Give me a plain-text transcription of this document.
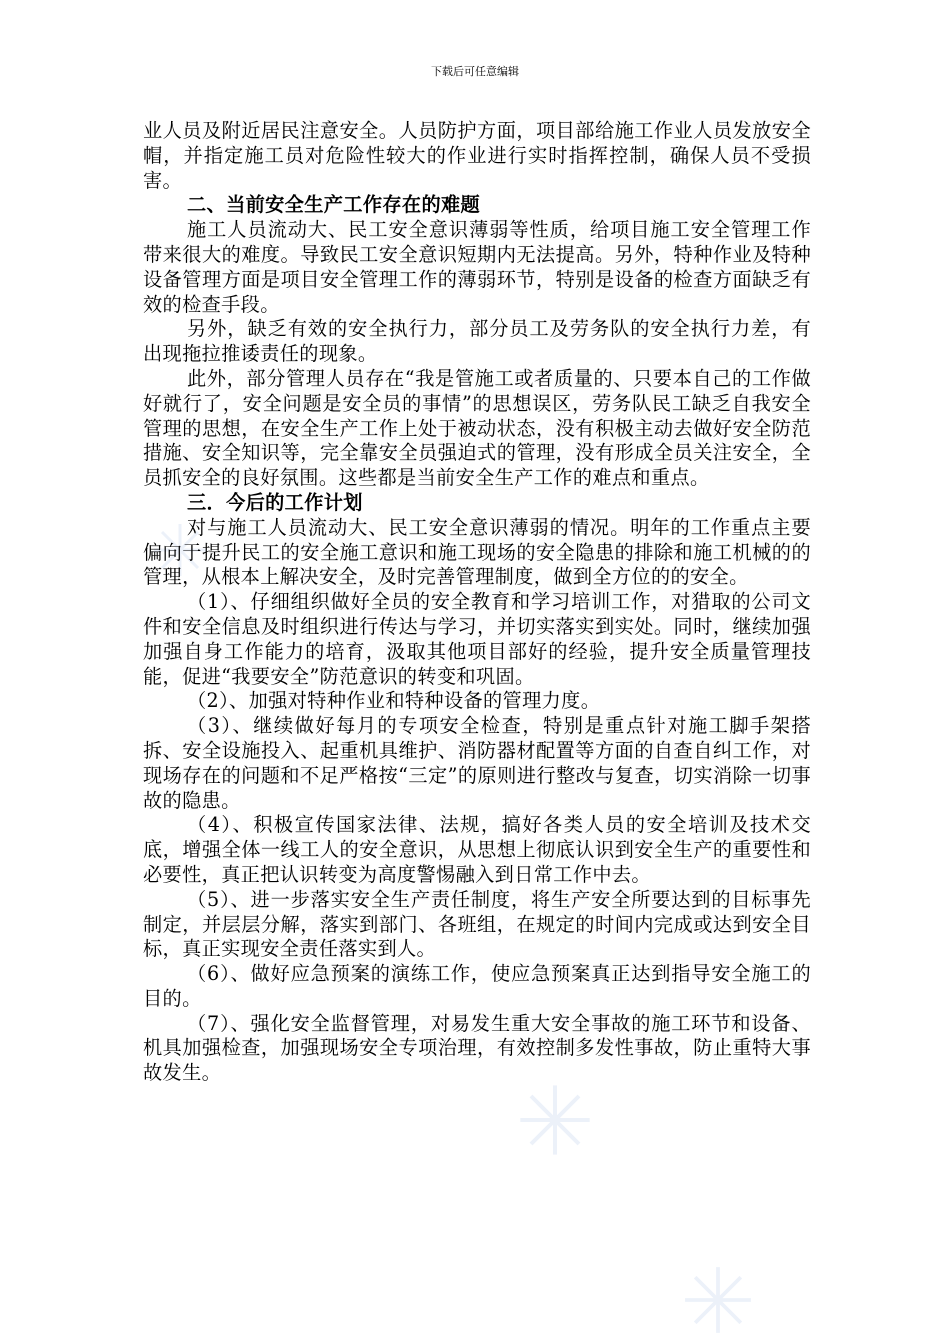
下载后可任意编辑

业人员及附近居民注意安全。人员防护方面，项目部给施工作业人员发放安全帽，并指定施工员对危险性较大的作业进行实时指挥控制，确保人员不受损害。

二、当前安全生产工作存在的难题

施工人员流动大、民工安全意识薄弱等性质，给项目施工安全管理工作带来很大的难度。导致民工安全意识短期内无法提高。另外，特种作业及特种设备管理方面是项目安全管理工作的薄弱环节，特别是设备的检查方面缺乏有效的检查手段。

另外，缺乏有效的安全执行力，部分员工及劳务队的安全执行力差，有出现拖拉推诿责任的现象。

此外，部分管理人员存在“我是管施工或者质量的、只要本自己的工作做好就行了，安全问题是安全员的事情”的思想误区，劳务队民工缺乏自我安全管理的思想，在安全生产工作上处于被动状态，没有积极主动去做好安全防范措施、安全知识等，完全靠安全员强迫式的管理，没有形成全员关注安全，全员抓安全的良好氛围。这些都是当前安全生产工作的难点和重点。

三．今后的工作计划

对与施工人员流动大、民工安全意识薄弱的情况。明年的工作重点主要偏向于提升民工的安全施工意识和施工现场的安全隐患的排除和施工机械的的管理，从根本上解决安全，及时完善管理制度，做到全方位的的安全。

（1）、仔细组织做好全员的安全教育和学习培训工作，对猎取的公司文件和安全信息及时组织进行传达与学习，并切实落实到实处。同时，继续加强加强自身工作能力的培育，汲取其他项目部好的经验，提升安全质量管理技能，促进“我要安全”防范意识的转变和巩固。

（2）、加强对特种作业和特种设备的管理力度。

（3）、继续做好每月的专项安全检查，特别是重点针对施工脚手架搭拆、安全设施投入、起重机具维护、消防器材配置等方面的自查自纠工作，对现场存在的问题和不足严格按“三定”的原则进行整改与复查，切实消除一切事故的隐患。

（4）、积极宣传国家法律、法规，搞好各类人员的安全培训及技术交底，增强全体一线工人的安全意识，从思想上彻底认识到安全生产的重要性和必要性，真正把认识转变为高度警惕融入到日常工作中去。

（5）、进一步落实安全生产责任制度，将生产安全所要达到的目标事先制定，并层层分解，落实到部门、各班组，在规定的时间内完成或达到安全目标，真正实现安全责任落实到人。

（6）、做好应急预案的演练工作，使应急预案真正达到指导安全施工的目的。

（7）、强化安全监督管理，对易发生重大安全事故的施工环节和设备、机具加强检查，加强现场安全专项治理，有效控制多发性事故，防止重特大事故发生。
